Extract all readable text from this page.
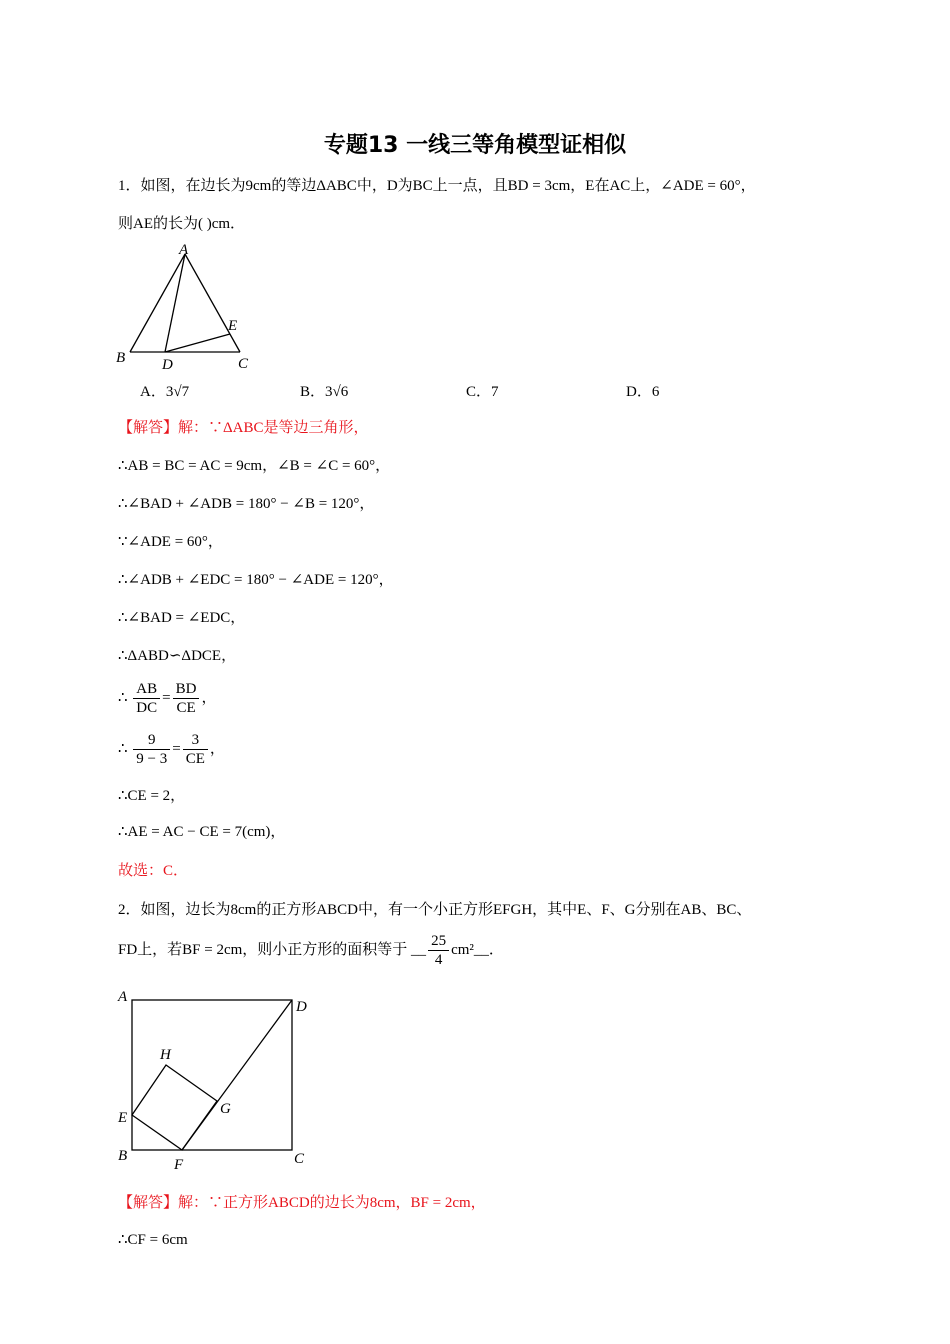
专题13 一线三等角模型证相似
1．如图，在边长为9cm的等边ΔABC中，D为BC上一点，且BD = 3cm，E在AC上，∠ADE = 60°，
则AE的长为( )cm．
A
B	C
D
E
A．3√7	B．3√6	C．7	D．6
【解答】解：∵ΔABC是等边三角形，
∴AB = BC = AC = 9cm，∠B = ∠C = 60°，
∴∠BAD + ∠ADB = 180° − ∠B = 120°，
∵∠ADE = 60°，
∴∠ADB + ∠EDC = 180° − ∠ADE = 120°，
∴∠BAD = ∠EDC，
∴ΔABD∽ΔDCE，
∴ $\frac{AB}{DC} = \frac{BD}{CE}$ ，
∴ $\frac{9}{9 - 3} = \frac{3}{CE}$ ，
∴CE = 2，
∴AE = AC − CE = 7(cm)，
故选：C．
2．如图，边长为8cm的正方形ABCD中，有一个小正方形EFGH，其中E、F、G分别在AB、BC、
FD上，若BF = 2cm，则小正方形的面积等于 __ $\frac{25}{4}$ cm²__．
A
B	C
D
E
F
G
H
【解答】解：∵正方形ABCD的边长为8cm，BF = 2cm，
∴CF = 6cm
